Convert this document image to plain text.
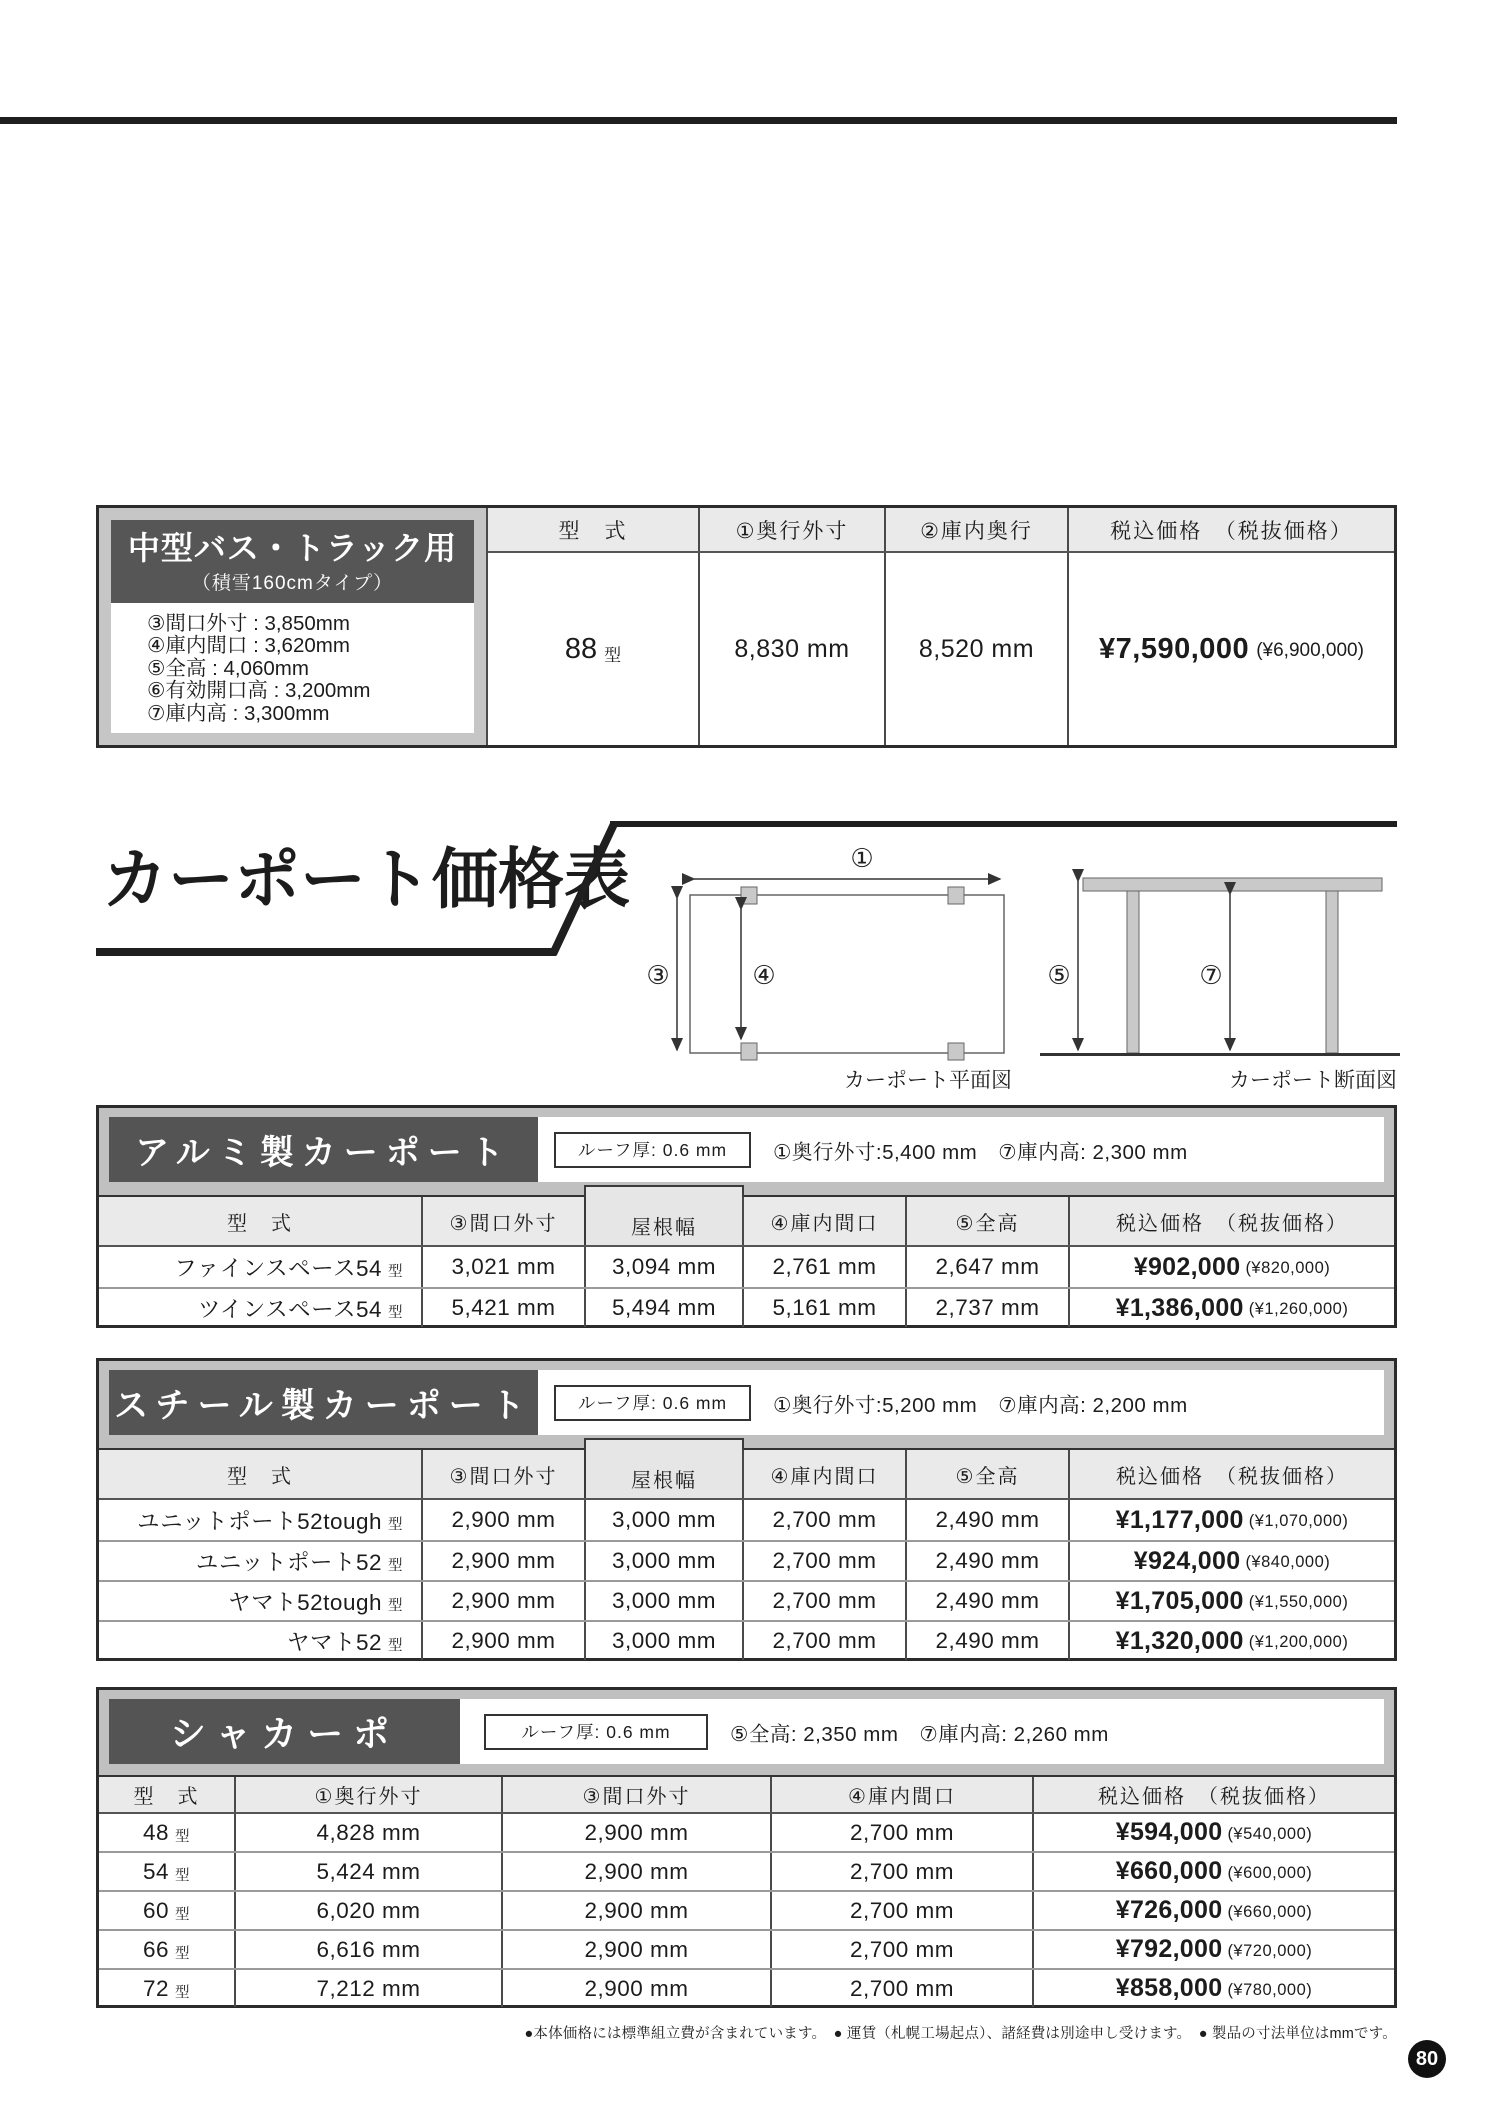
中型バス・トラック用
（積雪160cmタイプ）
③間口外寸 : 3,850mm
④庫内間口 : 3,620mm
⑤全高 : 4,060mm
⑥有効開口高 : 3,200mm
⑦庫内高 : 3,300mm
型　式	①奥行外寸	②庫内奥行	税込価格　（税抜価格）
88 型	8,830 mm	8,520 mm	¥7,590,000 (¥6,900,000)
カーポート価格表	①
③	④
カーポート平面図
⑤	⑦
カーポート断面図
アルミ製カーポート	ルーフ厚: 0.6 mm	①奥行外寸:5,400 mm　⑦庫内高: 2,300 mm
型　式	③間口外寸	屋根幅	④庫内間口	⑤全高	税込価格　（税抜価格）
ファインスペース54 型	3,021 mm	3,094 mm	2,761 mm	2,647 mm	¥902,000 (¥820,000)
ツインスペース54 型	5,421 mm	5,494 mm	5,161 mm	2,737 mm	¥1,386,000 (¥1,260,000)
スチール製カーポート	ルーフ厚: 0.6 mm	①奥行外寸:5,200 mm　⑦庫内高: 2,200 mm
型　式	③間口外寸	屋根幅	④庫内間口	⑤全高	税込価格　（税抜価格）
ユニットポート52tough 型	2,900 mm	3,000 mm	2,700 mm	2,490 mm	¥1,177,000 (¥1,070,000)
ユニットポート52 型	2,900 mm	3,000 mm	2,700 mm	2,490 mm	¥924,000 (¥840,000)
ヤマト52tough 型	2,900 mm	3,000 mm	2,700 mm	2,490 mm	¥1,705,000 (¥1,550,000)
ヤマト52 型	2,900 mm	3,000 mm	2,700 mm	2,490 mm	¥1,320,000 (¥1,200,000)
シャカーポ	ルーフ厚: 0.6 mm	⑤全高: 2,350 mm　⑦庫内高: 2,260 mm
型　式	①奥行外寸	③間口外寸	④庫内間口	税込価格　（税抜価格）
48 型	4,828 mm	2,900 mm	2,700 mm	¥594,000 (¥540,000)
54 型	5,424 mm	2,900 mm	2,700 mm	¥660,000 (¥600,000)
60 型	6,020 mm	2,900 mm	2,700 mm	¥726,000 (¥660,000)
66 型	6,616 mm	2,900 mm	2,700 mm	¥792,000 (¥720,000)
72 型	7,212 mm	2,900 mm	2,700 mm	¥858,000 (¥780,000)
●本体価格には標準組立費が含まれています。　● 運賃（札幌工場起点）、諸経費は別途申し受けます。　● 製品の寸法単位はmmです。
80
